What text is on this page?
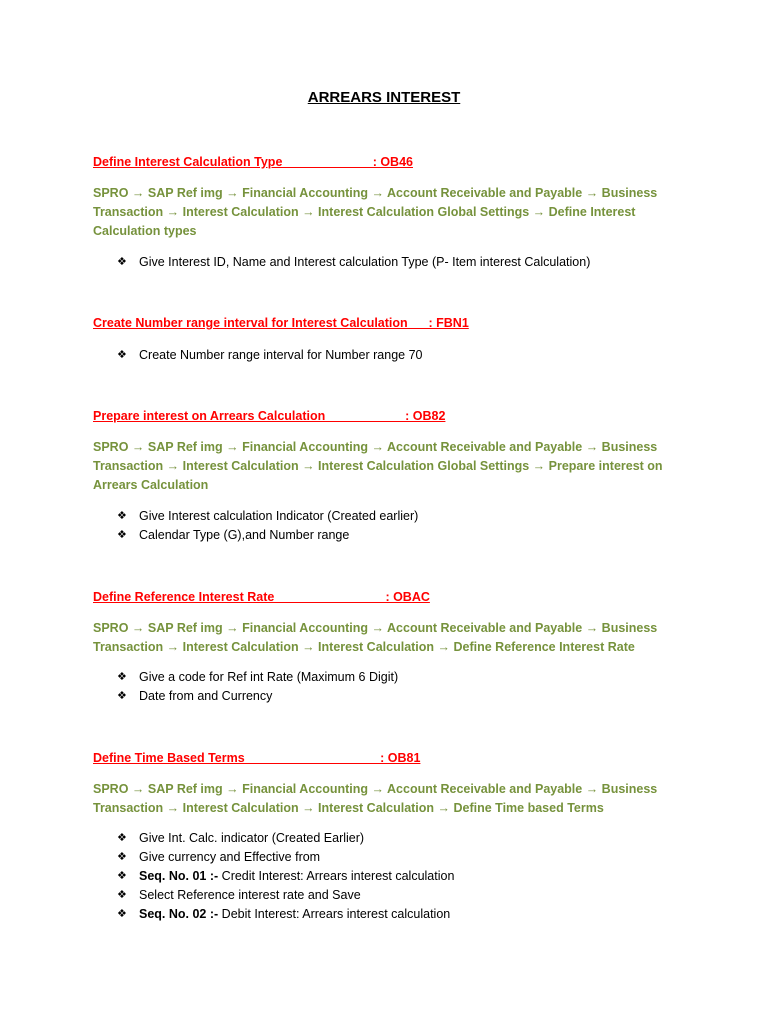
ARREARS INTEREST
Define Interest Calculation Type                          : OB46
SPRO → SAP Ref img → Financial Accounting → Account Receivable and Payable → Business
Transaction → Interest Calculation → Interest Calculation Global Settings → Define Interest
Calculation types
❖ Give Interest ID, Name and Interest calculation Type (P- Item interest Calculation)
Create Number range interval for Interest Calculation      : FBN1
❖ Create Number range interval for Number range 70
Prepare interest on Arrears Calculation                       : OB82
SPRO → SAP Ref img → Financial Accounting → Account Receivable and Payable → Business
Transaction → Interest Calculation → Interest Calculation Global Settings → Prepare interest on
Arrears Calculation
❖ Give Interest calculation Indicator (Created earlier)
❖ Calendar Type (G),and Number range
Define Reference Interest Rate                                : OBAC
SPRO → SAP Ref img → Financial Accounting → Account Receivable and Payable → Business
Transaction → Interest Calculation → Interest Calculation → Define Reference Interest Rate
❖ Give a code for Ref int Rate (Maximum 6 Digit)
❖ Date from and Currency
Define Time Based Terms                                       : OB81
SPRO → SAP Ref img → Financial Accounting → Account Receivable and Payable → Business
Transaction → Interest Calculation → Interest Calculation → Define Time based Terms
❖ Give Int. Calc. indicator (Created Earlier)
❖ Give currency and Effective from
❖ Seq. No. 01 :- Credit Interest: Arrears interest calculation
❖ Select Reference interest rate and Save
❖ Seq. No. 02 :- Debit Interest: Arrears interest calculation
